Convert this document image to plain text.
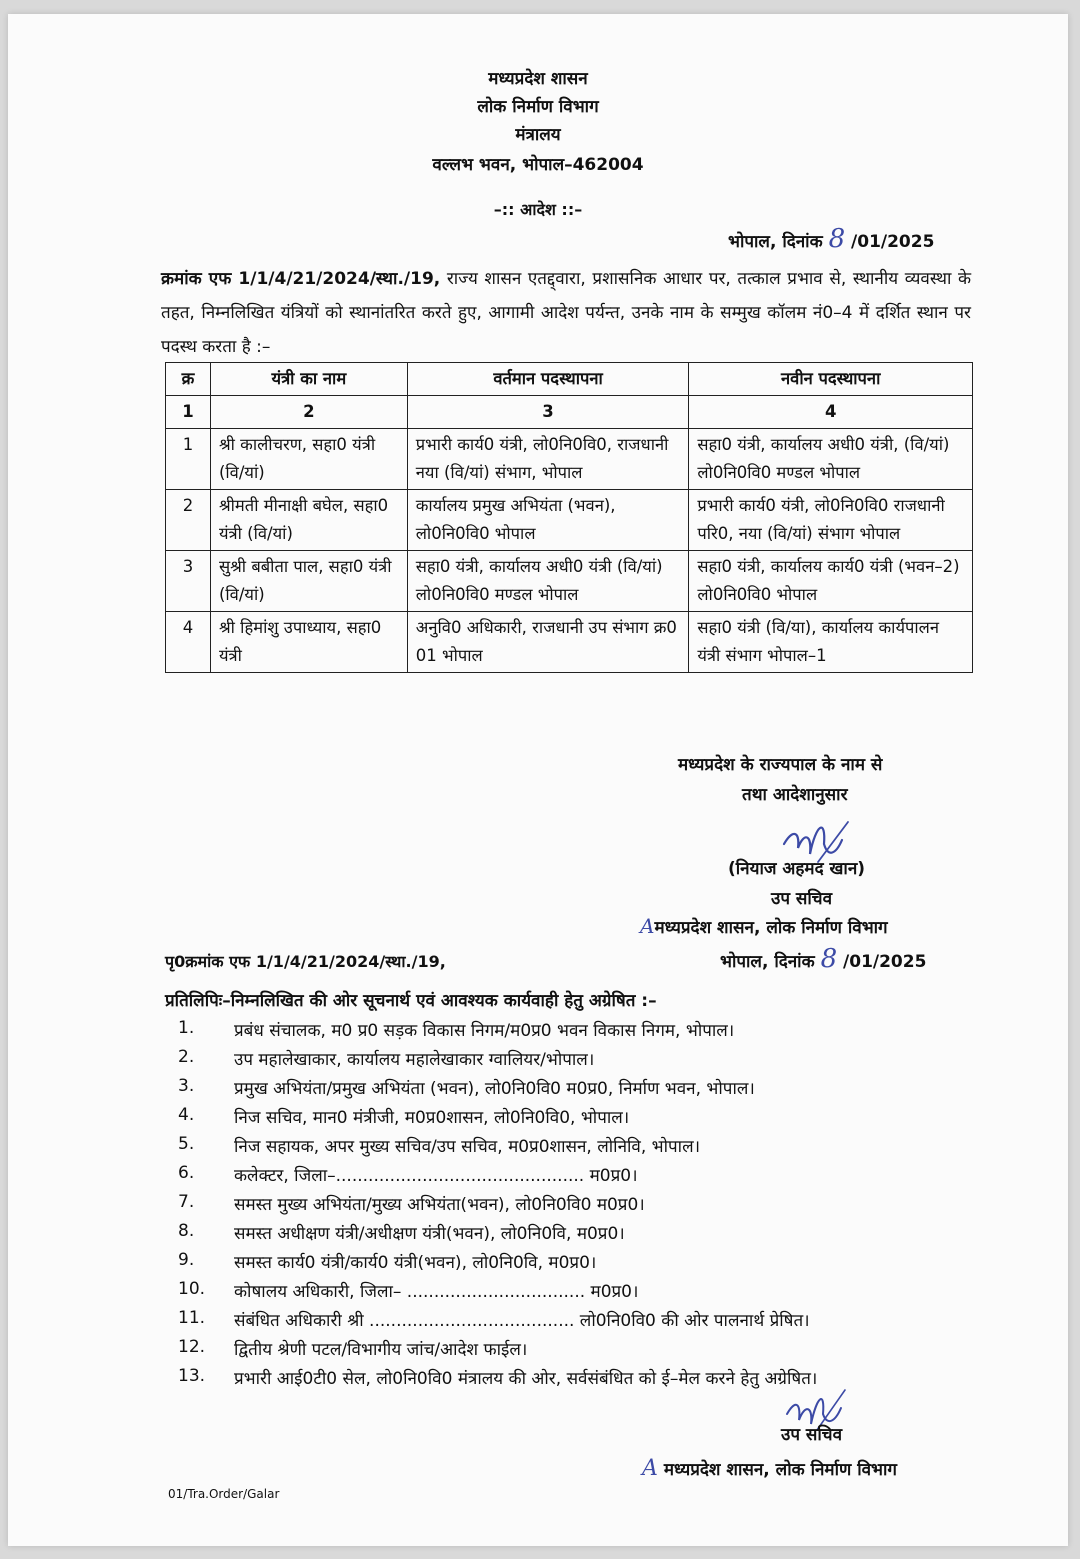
मध्यप्रदेश शासन
लोक निर्माण विभाग
मंत्रालय
वल्लभ भवन, भोपाल–462004
–:: आदेश ::–
भोपाल, दिनांक 8 /01/2025
क्रमांक एफ 1/1/4/21/2024/स्था./19, राज्य शासन एतद्द्वारा, प्रशासनिक आधार पर, तत्काल प्रभाव से, स्थानीय व्यवस्था के तहत, निम्नलिखित यंत्रियों को स्थानांतरित करते हुए, आगामी आदेश पर्यन्त, उनके नाम के सम्मुख कॉलम नं0–4 में दर्शित स्थान पर पदस्थ करता है :–
क्र	यंत्री का नाम	वर्तमान पदस्थापना	नवीन पदस्थापना
1	2	3	4
1	श्री कालीचरण, सहा0 यंत्री (वि/यां)	प्रभारी कार्य0 यंत्री, लो0नि0वि0, राजधानी नया (वि/यां) संभाग, भोपाल	सहा0 यंत्री, कार्यालय अधी0 यंत्री, (वि/यां) लो0नि0वि0 मण्डल भोपाल
2	श्रीमती मीनाक्षी बघेल, सहा0 यंत्री (वि/यां)	कार्यालय प्रमुख अभियंता (भवन), लो0नि0वि0 भोपाल	प्रभारी कार्य0 यंत्री, लो0नि0वि0 राजधानी परि0, नया (वि/यां) संभाग भोपाल
3	सुश्री बबीता पाल, सहा0 यंत्री (वि/यां)	सहा0 यंत्री, कार्यालय अधी0 यंत्री (वि/यां) लो0नि0वि0 मण्डल भोपाल	सहा0 यंत्री, कार्यालय कार्य0 यंत्री (भवन–2) लो0नि0वि0 भोपाल
4	श्री हिमांशु उपाध्याय, सहा0 यंत्री	अनुवि0 अधिकारी, राजधानी उप संभाग क्र0 01 भोपाल	सहा0 यंत्री (वि/या), कार्यालय कार्यपालन यंत्री संभाग भोपाल–1
मध्यप्रदेश के राज्यपाल के नाम से
तथा आदेशानुसार
(नियाज अहमद खान)
उप सचिव
Aमध्यप्रदेश शासन, लोक निर्माण विभाग
पृ0क्रमांक एफ 1/1/4/21/2024/स्था./19,	भोपाल, दिनांक 8 /01/2025
प्रतिलिपिः–निम्नलिखित की ओर सूचनार्थ एवं आवश्यक कार्यवाही हेतु अग्रेषित :–
1.	प्रबंध संचालक, म0 प्र0 सड़क विकास निगम/म0प्र0 भवन विकास निगम, भोपाल।
2.	उप महालेखाकार, कार्यालय महालेखाकार ग्वालियर/भोपाल।
3.	प्रमुख अभियंता/प्रमुख अभियंता (भवन), लो0नि0वि0 म0प्र0, निर्माण भवन, भोपाल।
4.	निज सचिव, मान0 मंत्रीजी, म0प्र0शासन, लो0नि0वि0, भोपाल।
5.	निज सहायक, अपर मुख्य सचिव/उप सचिव, म0प्र0शासन, लोनिवि, भोपाल।
6.	कलेक्टर, जिला–.............................................. म0प्र0।
7.	समस्त मुख्य अभियंता/मुख्य अभियंता(भवन), लो0नि0वि0 म0प्र0।
8.	समस्त अधीक्षण यंत्री/अधीक्षण यंत्री(भवन), लो0नि0वि, म0प्र0।
9.	समस्त कार्य0 यंत्री/कार्य0 यंत्री(भवन), लो0नि0वि, म0प्र0।
10.	कोषालय अधिकारी, जिला– ................................. म0प्र0।
11.	संबंधित अधिकारी श्री ...................................... लो0नि0वि0 की ओर पालनार्थ प्रेषित।
12.	द्वितीय श्रेणी पटल/विभागीय जांच/आदेश फाईल।
13.	प्रभारी आई0टी0 सेल, लो0नि0वि0 मंत्रालय की ओर, सर्वसंबंधित को ई–मेल करने हेतु अग्रेषित।
उप सचिव
A मध्यप्रदेश शासन, लोक निर्माण विभाग
01/Tra.Order/Galar
